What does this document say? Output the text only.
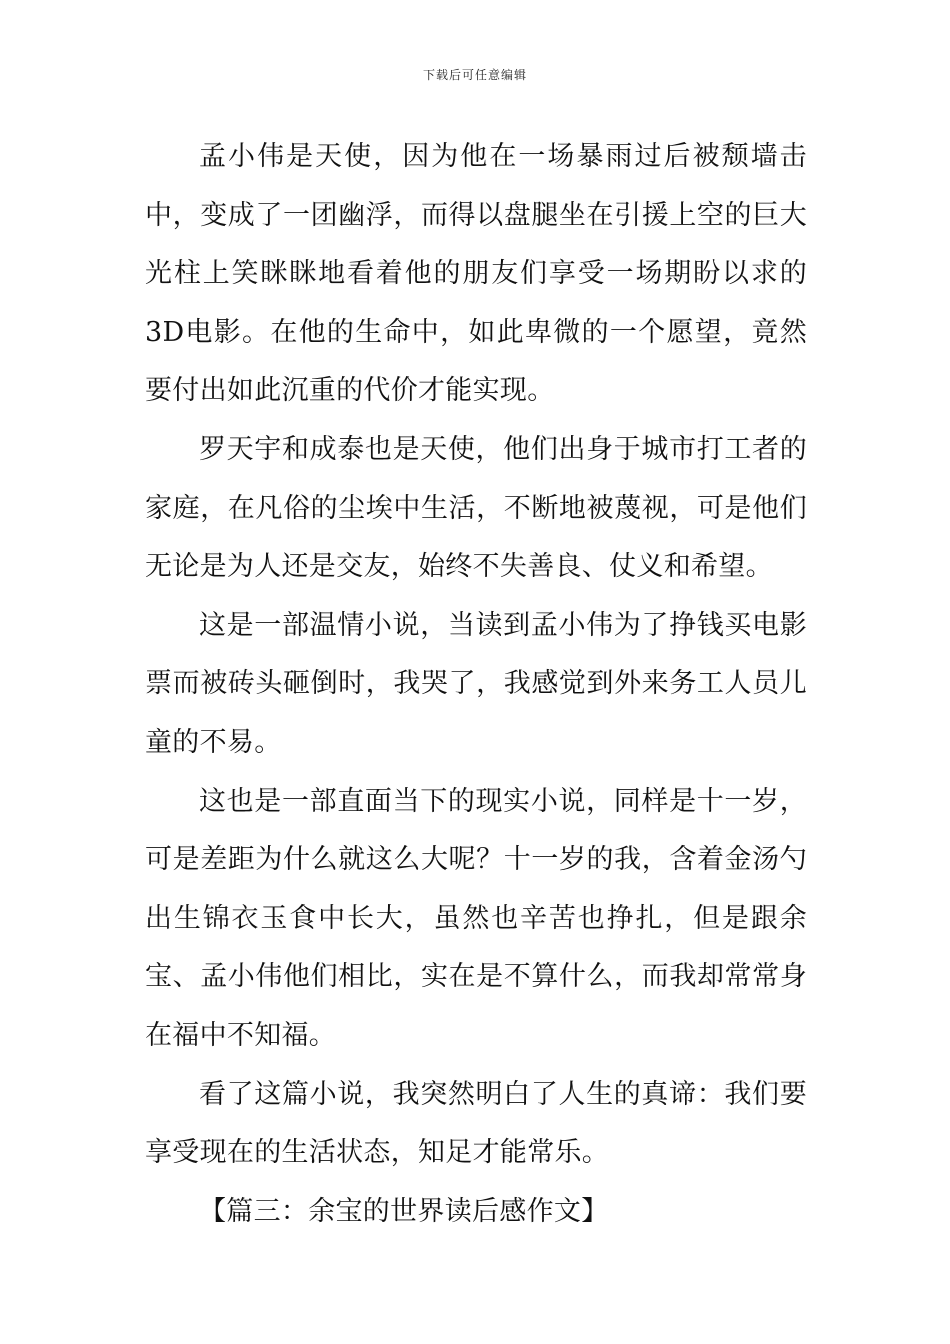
下载后可任意编辑

孟小伟是天使，因为他在一场暴雨过后被颓墙击中，变成了一团幽浮，而得以盘腿坐在引援上空的巨大光柱上笑眯眯地看着他的朋友们享受一场期盼以求的3D电影。在他的生命中，如此卑微的一个愿望，竟然要付出如此沉重的代价才能实现。

罗天宇和成泰也是天使，他们出身于城市打工者的家庭，在凡俗的尘埃中生活，不断地被蔑视，可是他们无论是为人还是交友，始终不失善良、仗义和希望。

这是一部温情小说，当读到孟小伟为了挣钱买电影票而被砖头砸倒时，我哭了，我感觉到外来务工人员儿童的不易。

这也是一部直面当下的现实小说，同样是十一岁，可是差距为什么就这么大呢？十一岁的我，含着金汤勺出生锦衣玉食中长大，虽然也辛苦也挣扎，但是跟余宝、孟小伟他们相比，实在是不算什么，而我却常常身在福中不知福。

看了这篇小说，我突然明白了人生的真谛：我们要享受现在的生活状态，知足才能常乐。

【篇三：余宝的世界读后感作文】
